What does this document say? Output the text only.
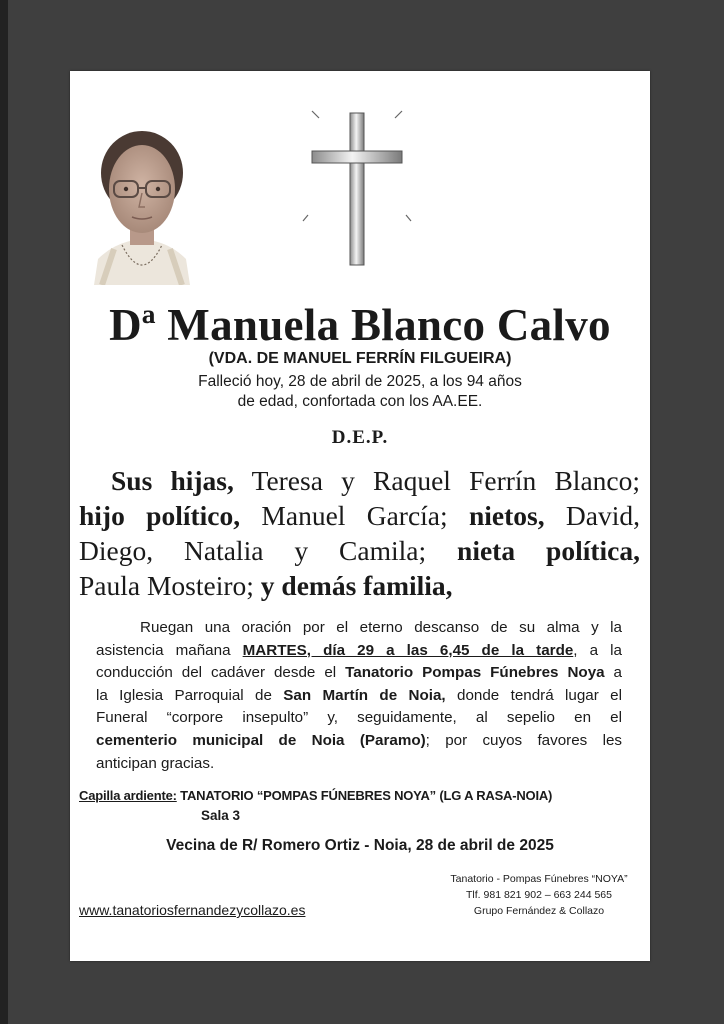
Dª Manuela Blanco Calvo
(VDA. DE MANUEL FERRÍN FILGUEIRA)
Falleció hoy, 28 de abril de 2025, a los 94 años
de edad, confortada con los AA.EE.
D.E.P.
Sus hijas, Teresa y Raquel Ferrín Blanco;
hijo político, Manuel García; nietos, David,
Diego, Natalia y Camila; nieta política,
Paula Mosteiro; y demás familia,
Ruegan una oración por el eterno descanso de su alma y la
asistencia mañana MARTES, día 29 a las 6,45 de la tarde, a la
conducción del cadáver desde el Tanatorio Pompas Fúnebres Noya a
la Iglesia Parroquial de San Martín de Noia, donde tendrá lugar el
Funeral “corpore insepulto” y, seguidamente, al sepelio en el
cementerio municipal de Noia (Paramo); por cuyos favores les
anticipan gracias.
Capilla ardiente: TANATORIO “POMPAS FÚNEBRES NOYA” (LG A RASA-NOIA)
Sala 3
Vecina de R/ Romero Ortiz - Noia, 28 de abril de 2025
www.tanatoriosfernandezycollazo.es
Tanatorio - Pompas Fúnebres “NOYA”
Tlf. 981 821 902 – 663 244 565
Grupo Fernández & Collazo
